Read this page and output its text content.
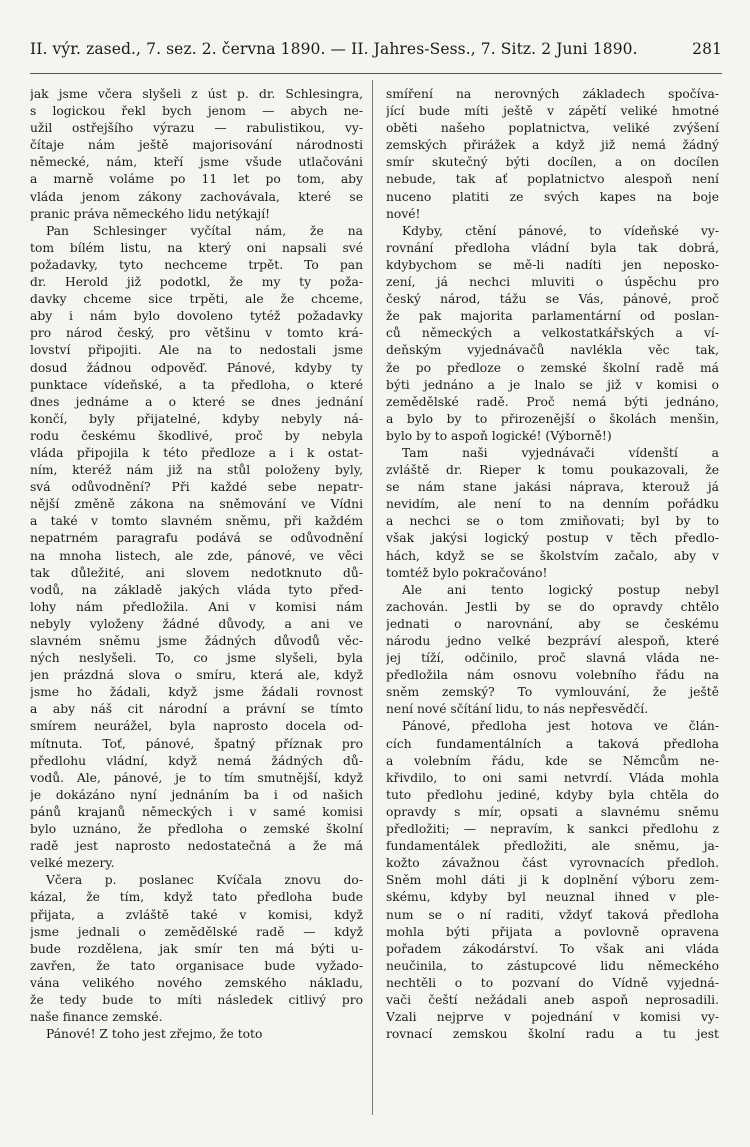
II. výr. zased., 7. sez. 2. června 1890. — II. Jahres-Sess., 7. Sitz. 2 Juni 1890.	281
jak jsme včera slyšeli z úst p. dr. Schlesingra,
s logickou řekl bych jenom — abych ne-
užil ostřejšího výrazu — rabulistikou, vy-
čítaje nám ještě majorisování národnosti
německé, nám, kteří jsme všude utlačováni
a marně voláme po 11 let po tom, aby
vláda jenom zákony zachovávala, které se
pranic práva německého lidu netýkají!
Pan Schlesinger vyčítal nám, že na
tom bílém listu, na který oni napsali své
požadavky, tyto nechceme trpět. To pan
dr. Herold již podotkl, že my ty poža-
davky chceme sice trpěti, ale že chceme,
aby i nám bylo dovoleno tytéž požadavky
pro národ český, pro většinu v tomto krá-
lovství připojiti. Ale na to nedostali jsme
dosud žádnou odpověď. Pánové, kdyby ty
punktace vídeňské, a ta předloha, o které
dnes jednáme a o které se dnes jednání
končí, byly přijatelné, kdyby nebyly ná-
rodu českému škodlivé, proč by nebyla
vláda připojila k této předloze a i k ostat-
ním, kteréž nám již na stůl položeny byly,
svá odůvodnění? Při každé sebe nepatr-
nější změně zákona na sněmování ve Vídni
a také v tomto slavném sněmu, při každém
nepatrném paragrafu podává se odůvodnění
na mnoha listech, ale zde, pánové, ve věci
tak důležité, ani slovem nedotknuto dů-
vodů, na základě jakých vláda tyto před-
lohy nám předložila. Ani v komisi nám
nebyly vyloženy žádné důvody, a ani ve
slavném sněmu jsme žádných důvodů věc-
ných neslyšeli. To, co jsme slyšeli, byla
jen prázdná slova o smíru, která ale, když
jsme ho žádali, když jsme žádali rovnost
a aby náš cit národní a právní se tímto
smírem neurážel, byla naprosto docela od-
mítnuta. Toť, pánové, špatný příznak pro
předlohu vládní, když nemá žádných dů-
vodů. Ale, pánové, je to tím smutnější, když
je dokázáno nyní jednáním ba i od našich
pánů krajanů německých i v samé komisi
bylo uznáno, že předloha o zemské školní
radě jest naprosto nedostatečná a že má
velké mezery.
Včera p. poslanec Kvíčala znovu do-
kázal, že tím, když tato předloha bude
přijata, a zvláště také v komisi, když
jsme jednali o zemědělské radě — když
bude rozdělena, jak smír ten má býti u-
zavřen, že tato organisace bude vyžado-
vána velikého nového zemského nákladu,
že tedy bude to míti následek citlivý pro
naše finance zemské.
Pánové! Z toho jest zřejmo, že toto
smíření na nerovných základech spočíva-
jící bude míti ještě v zápětí veliké hmotné
oběti našeho poplatnictva, veliké zvýšení
zemských přirážek a když již nemá žádný
smír skutečný býti docílen, a on docílen
nebude, tak ať poplatnictvo alespoň není
nuceno platiti ze svých kapes na boje
nové!
Kdyby, ctění pánové, to vídeňské vy-
rovnání předloha vládní byla tak dobrá,
kdybychom se mě-li nadíti jen neposko-
zení, já nechci mluviti o úspěchu pro
český národ, tážu se Vás, pánové, proč
že pak majorita parlamentární od poslan-
ců německých a velkostatkářských a ví-
deňským vyjednávačů navlékla věc tak,
že po předloze o zemské školní radě má
býti jednáno a je lnalo se již v komisi o
zemědělské radě. Proč nemá býti jednáno,
a bylo by to přirozenější o školách menšin,
bylo by to aspoň logické! (Výborně!)
Tam naši vyjednávači vídenští a
zvláště dr. Rieper k tomu poukazovali, že
se nám stane jakási náprava, kterouž já
nevidím, ale není to na denním pořádku
a nechci se o tom zmiňovati; byl by to
však jakýsi logický postup v těch předlo-
hách, když se se školstvím začalo, aby v
tomtéž bylo pokračováno!
Ale ani tento logický postup nebyl
zachován. Jestli by se do opravdy chtělo
jednati o narovnání, aby se českému
národu jedno velké bezpráví alespoň, které
jej tíží, odčinilo, proč slavná vláda ne-
předložila nám osnovu volebního řádu na
sněm zemský? To vymlouvání, že ještě
není nové sčítání lidu, to nás nepřesvědčí.
Pánové, předloha jest hotova ve člán-
cích fundamentálních a taková předloha
a volebním řádu, kde se Němcům ne-
křivdilo, to oni sami netvrdí. Vláda mohla
tuto předlohu jediné, kdyby byla chtěla do
opravdy s mír, opsati a slavnému sněmu
předložiti; — nepravím, k sankci předlohu z
fundamentálek předložiti, ale sněmu, ja-
kožto závažnou část vyrovnacích předloh.
Sněm mohl dáti ji k doplnění výboru zem-
skému, kdyby byl neuznal ihned v ple-
num se o ní raditi, vždyť taková předloha
mohla býti přijata a povlovně opravena
pořadem zákodárství. To však ani vláda
neučinila, to zástupcové lidu německého
nechtěli o to pozvaní do Vídně vyjedná-
vači čeští nežádali aneb aspoň neprosadili.
Vzali nejprve v pojednání v komisi vy-
rovnací zemskou školní radu a tu jest
